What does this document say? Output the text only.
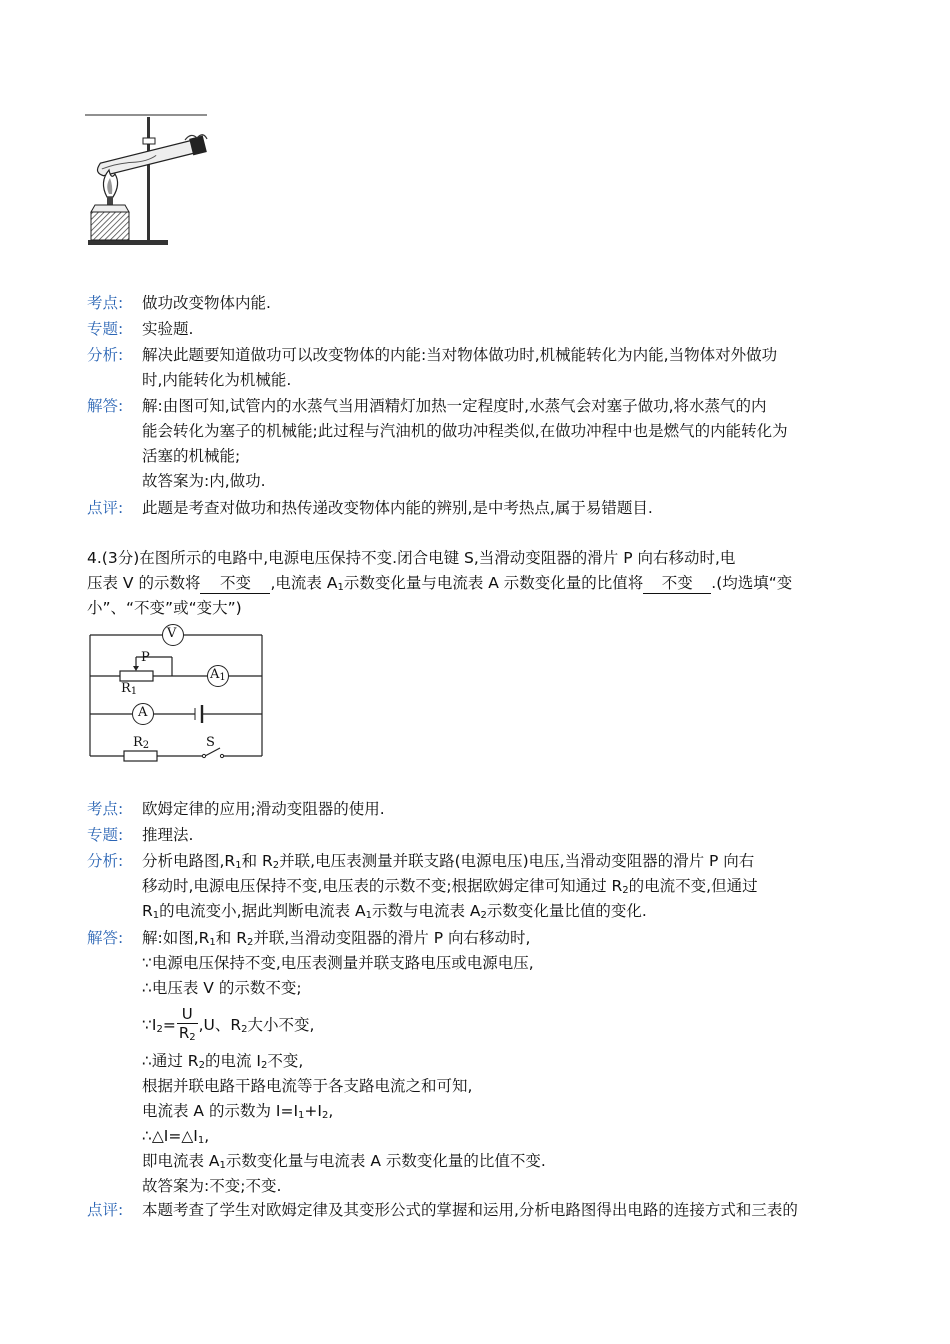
考点:	做功改变物体内能.
专题:	实验题.
分析:	解决此题要知道做功可以改变物体的内能:当对物体做功时,机械能转化为内能,当物体对外做功
时,内能转化为机械能.
解答:	解:由图可知,试管内的水蒸气当用酒精灯加热一定程度时,水蒸气会对塞子做功,将水蒸气的内
能会转化为塞子的机械能;此过程与汽油机的做功冲程类似,在做功冲程中也是燃气的内能转化为
活塞的机械能;
故答案为:内,做功.
点评:	此题是考查对做功和热传递改变物体内能的辨别,是中考热点,属于易错题目.
4.(3分)在图所示的电路中,电源电压保持不变.闭合电键 S,当滑动变阻器的滑片 P 向右移动时,电
压表 V 的示数将 不变 ,电流表 $A_1$示数变化量与电流表 A 示数变化量的比值将 不变 .(均选填“变
小”、“不变”或“变大”)
V
P
$R_1$
$A_1$
A
$R_2$	S
考点:	欧姆定律的应用;滑动变阻器的使用.
专题:	推理法.
分析:	分析电路图$,R_1$和 $R_2$并联,电压表测量并联支路(电源电压)电压,当滑动变阻器的滑片 P 向右
移动时,电源电压保持不变,电压表的示数不变;根据欧姆定律可知通过 $R_2$的电流不变,但通过
$R_1$的电流变小,据此判断电流表 $A_1$示数与电流表 $A_2$示数变化量比值的变化.
解答:	解:如图$,R_1$和 $R_2$并联,当滑动变阻器的滑片 P 向右移动时,
∵电源电压保持不变,电压表测量并联支路电压或电源电压,
∴电压表 V 的示数不变;
$\because I_2= \frac{U}{R_2} ,U$、$R_2$大小不变,
∴通过 $R_2$的电流 $I_2$不变,
根据并联电路干路电流等于各支路电流之和可知,
电流表 A 的示数为 $I=I_1+I_2$,
$\therefore\triangle I=\triangle I_1$,
即电流表 $A_1$示数变化量与电流表 A 示数变化量的比值不变.
故答案为:不变;不变.
点评:	本题考查了学生对欧姆定律及其变形公式的掌握和运用,分析电路图得出电路的连接方式和三表的
